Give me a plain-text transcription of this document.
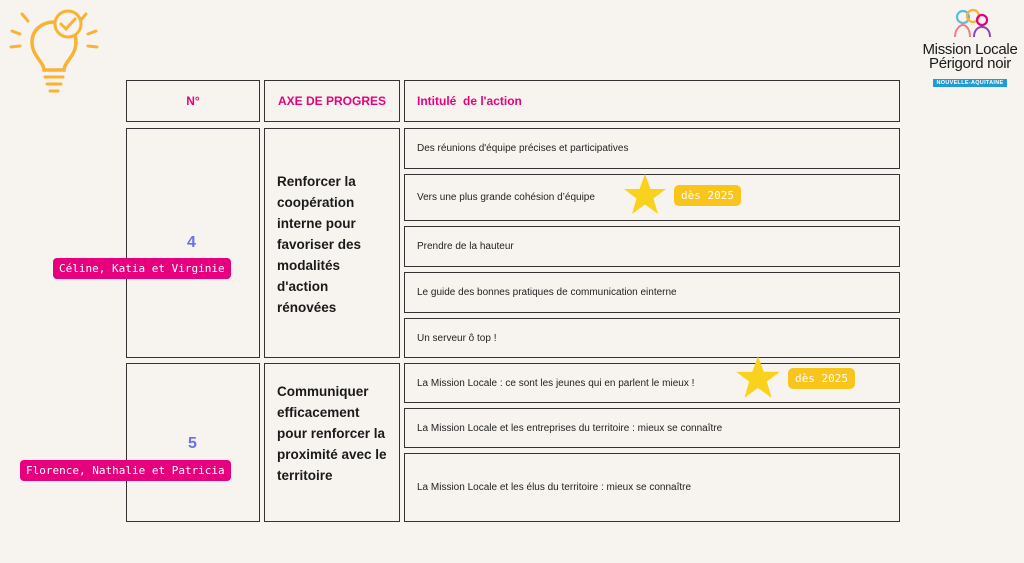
Mission Locale
Périgord noir
NOUVELLE-AQUITAINE
N°	AXE DE PROGRES	Intitulé  de l'action
4
Céline, Katia et Virginie
Renforcer la coopération interne pour favoriser des modalités d'action rénovées
Des réunions d'équipe précises et participatives
Vers une plus grande cohésion d’équipe
Prendre de la hauteur
Le guide des bonnes pratiques de communication einterne
Un serveur ô top !
5
Florence, Nathalie et Patricia
Communiquer efficacement pour renforcer la proximité avec le territoire
La Mission Locale : ce sont les jeunes qui en parlent le mieux !
La Mission Locale et les entreprises du territoire : mieux se connaître
La Mission Locale et les élus du territoire : mieux se connaître
dès 2025
dès 2025
